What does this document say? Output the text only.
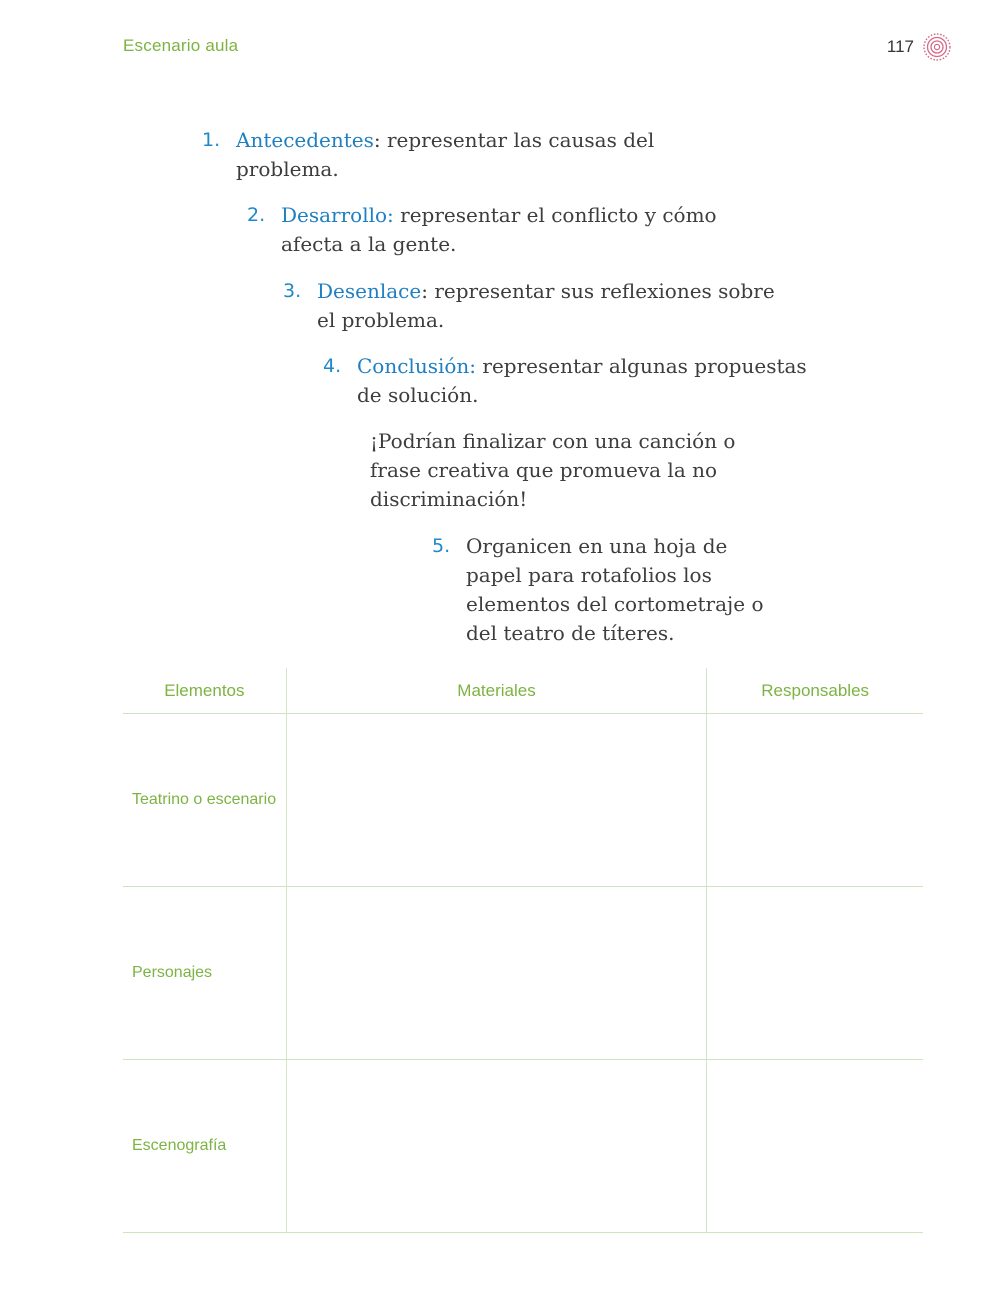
Escenario aula	117
1. Antecedentes: representar las causas del problema.
2. Desarrollo: representar el conflicto y cómo afecta a la gente.
3. Desenlace: representar sus reflexiones sobre el problema.
4. Conclusión: representar algunas propuestas de solución.
¡Podrían finalizar con una canción o frase creativa que promueva la no discriminación!
5. Organicen en una hoja de papel para rotafolios los elementos del cortometraje o del teatro de títeres.
Elementos	Materiales	Responsables
Teatrino o escenario		
Personajes		
Escenografía		
